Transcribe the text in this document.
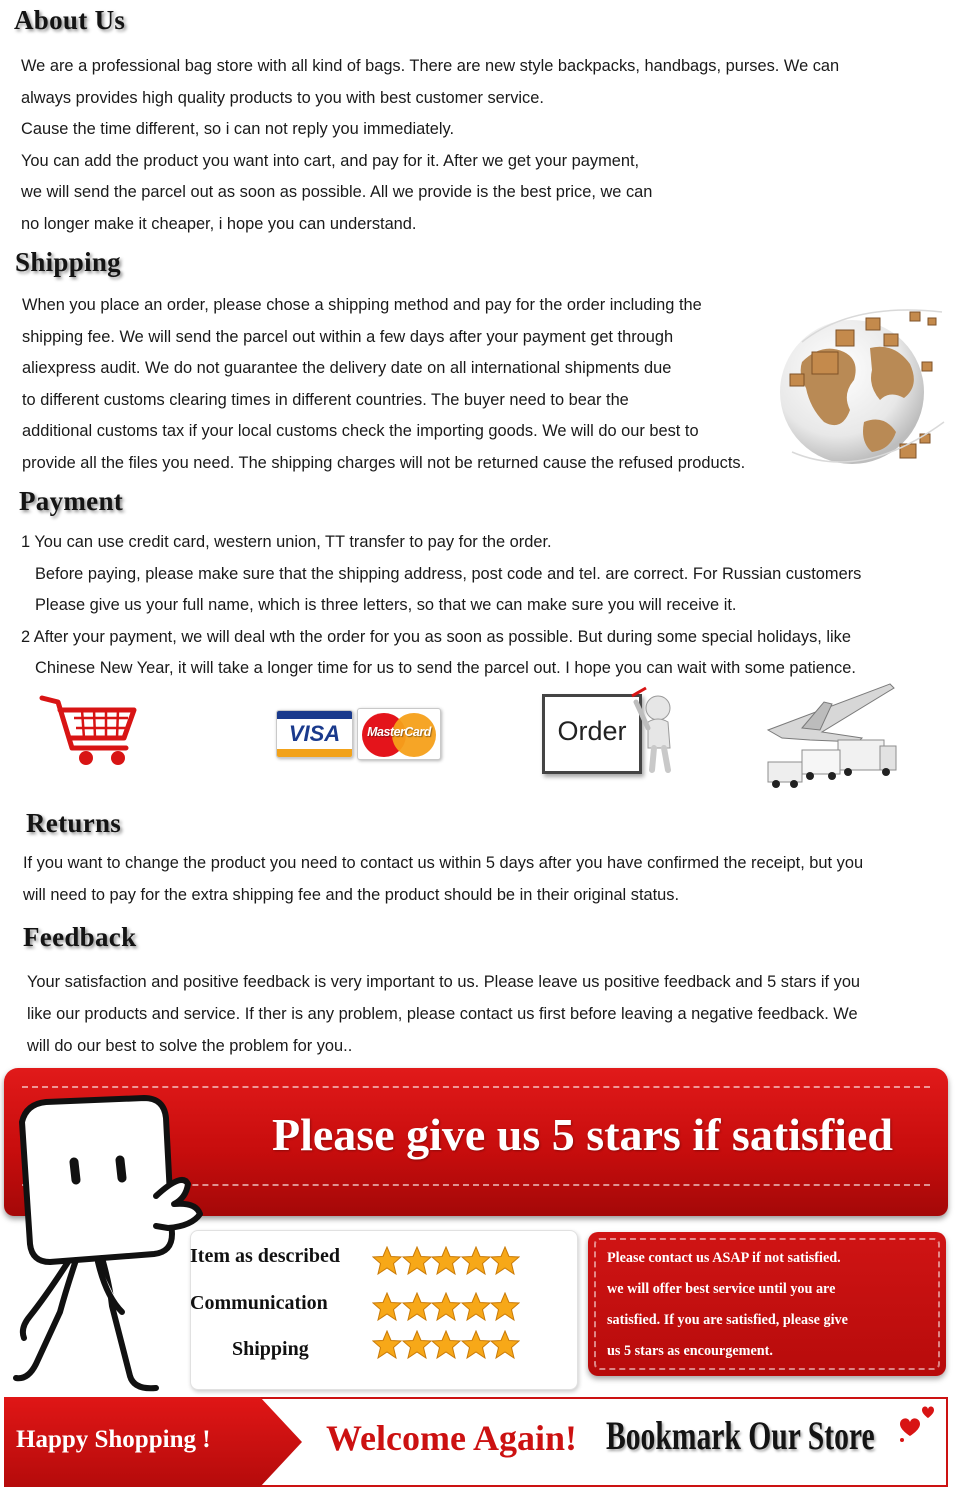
About Us
We are a professional bag store with all kind of bags. There are new style backpacks, handbags, purses. We can
always provides high quality products to you with best customer service.
Cause the time different, so i can not reply you immediately.
You can add the product you want into cart, and pay for it. After we get your payment,
we will send the parcel out as soon as possible. All we provide is the best price, we can
no longer make it cheaper, i hope you can understand.
Shipping
When you place an order, please chose a shipping method and pay for the order including the
shipping fee. We will send the parcel out within a few days after your payment get through
aliexpress audit. We do not guarantee the delivery date on all international shipments due
to different customs clearing times in different countries. The buyer need to bear the
additional customs tax if your local customs check the importing goods. We will do our best to
provide all the files you need. The shipping charges will not be returned cause the refused products.
Payment
1 You can use credit card, western union, TT transfer to pay for the order.
Before paying, please make sure that the shipping address, post code and tel. are correct. For Russian customers
Please give us your full name, which is three letters, so that we can make sure you will receive it.
2 After your payment, we will deal wth the order for you as soon as possible. But during some special holidays, like
Chinese New Year, it will take a longer time for us to send the parcel out. I hope you can wait with some patience.
VISA	MasterCard	Order
Returns
If you want to change the product you need to contact us within 5 days after you have confirmed the receipt, but you
will need to pay for the extra shipping fee and the product should be in their original status.
Feedback
Your satisfaction and positive feedback is very important to us. Please leave us positive feedback and 5 stars if you
like our products and service. If ther is any problem, please contact us first before leaving a negative feedback. We
will do our best to solve the problem for you..
Please give us 5 stars if satisfied
Item as described
Communication
Shipping
Please contact us ASAP if not satisfied.
we will offer best service until you are
satisfied. If you are satisfied, please give
us 5 stars as encourgement.
Happy Shopping !	Welcome Again! Bookmark Our Store
